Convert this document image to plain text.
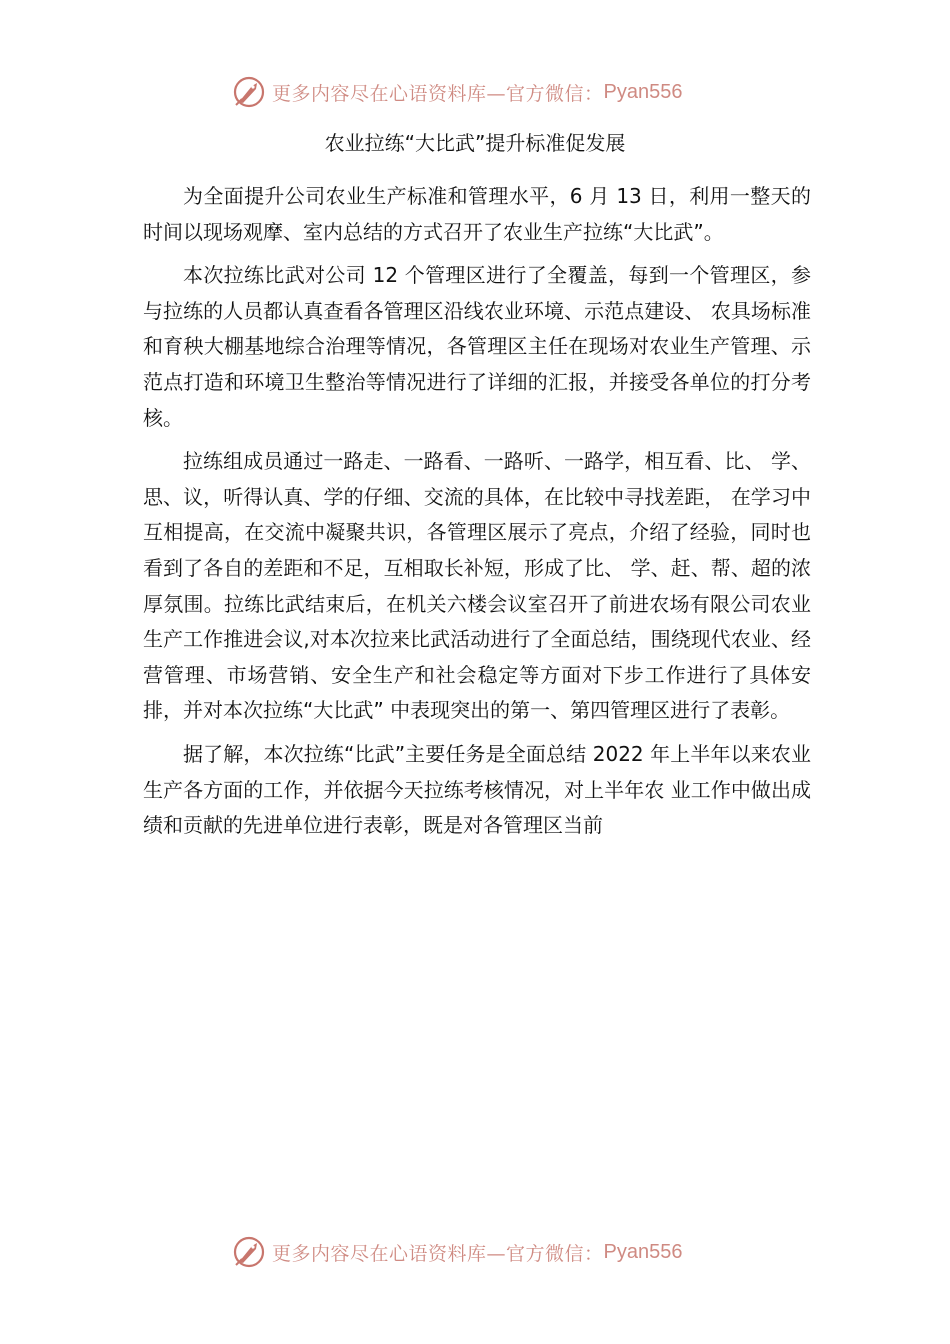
更多内容尽在心语资料库—官方微信： Pyan556
农业拉练“大比武”提升标准促发展

为全面提升公司农业生产标准和管理水平，6 月 13 日，利用一整天的时间以现场观摩、室内总结的方式召开了农业生产拉练“大比武”。

本次拉练比武对公司 12 个管理区进行了全覆盖，每到一个管理区，参与拉练的人员都认真查看各管理区沿线农业环境、示范点建设、 农具场标准和育秧大棚基地综合治理等情况，各管理区主任在现场对农业生产管理、示范点打造和环境卫生整治等情况进行了详细的汇报，并接受各单位的打分考核。

拉练组成员通过一路走、一路看、一路听、一路学，相互看、比、 学、思、议，听得认真、学的仔细、交流的具体，在比较中寻找差距， 在学习中互相提高，在交流中凝聚共识，各管理区展示了亮点，介绍了经验，同时也看到了各自的差距和不足，互相取长补短，形成了比、 学、赶、帮、超的浓厚氛围。拉练比武结束后，在机关六楼会议室召开了前进农场有限公司农业生产工作推进会议,对本次拉来比武活动进行了全面总结，围绕现代农业、经营管理、市场营销、安全生产和社会稳定等方面对下步工作进行了具体安排，并对本次拉练“大比武” 中表现突出的第一、第四管理区进行了表彰。

据了解，本次拉练“比武”主要任务是全面总结 2022 年上半年以来农业生产各方面的工作，并依据今天拉练考核情况，对上半年农 业工作中做出成绩和贡献的先进单位进行表彰，既是对各管理区当前

更多内容尽在心语资料库—官方微信： Pyan556
